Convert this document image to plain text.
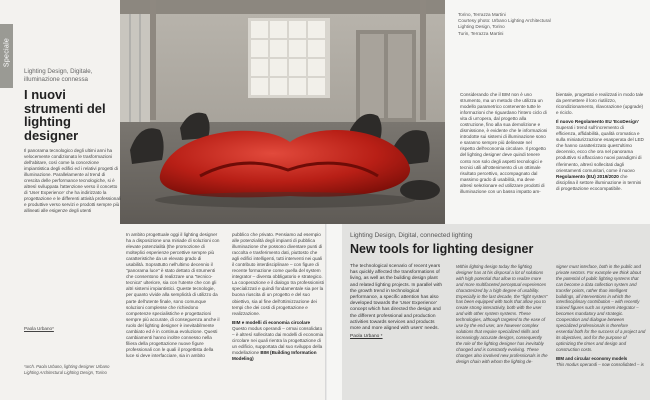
Speciale
Torino, Terrazza Martini
Courtesy photo: Urbano Lighting Architectural
Lighting Design, Torino
Turin, Terrazza Martini
Lighting Design, Digitale, illuminazione connessa
I nuovi strumenti del lighting designer
Il panorama tecnologico degli ultimi anni ha velocemente condizionato le trasformazioni dell'abitare, così come la concezione impiantistica degli edifici ed i relativi progetti di illuminazione. Parallelamente al trend di crescita delle performance tecnologiche, si è altresì sviluppata l'attenzione verso il concetto di 'User Experience' che ha indirizzato la progettazione e le differenti attività professionali e produttive verso servizi e prodotti sempre più allineati alle esigenze degli utenti
Paola Urbano*
*arch. Paola Urbano, lighting designer Urbano Lighting Architectural Lighting Design, Torino
In ambito progettuale oggi il lighting designer ha a disposizione una miriade di soluzioni con elevate potenzialità (the promozione di molteplici esperienze percettive sempre più caratteristiche da un elevato grado di usabilità. Soprattutto nell'ultimo decennio il "panorama luce" è stato dettato di strumenti che consentono di realizzare una "tecnico-tecnica" ulteriore, sia con l'utente che con gli altri sistemi impiantistici. Queste tecnologie, per quanto vivide alla semplicità di utilizzo da parte dell'utente finale, sono comunque soluzioni complesse che richiedono competenze specialistiche e progettazioni sempre più accurate, di conseguenza anche il ruolo del lighting designer è inevitabilmente cambiato ed è in continua evoluzione. Questi cambiamenti hanno inoltre connesso nella filiera della progettazione nuove figure professionali con le quali il progettista della luce si deve interfacciare, sia in ambito
pubblico che privato. Pensiamo ad esempio alle potenzialità degli impianti di pubblica illuminazione che possono diventare punti di raccolta e trasferimento dati, piuttosto che agli edifici intelligenti, tutti interventi nei quali il contributo interdisciplinare – con figure di recente formazione come quella del system integrator – diventa obbligatorio e strategico. La cooperazione e il dialogo tra professionisti specializzati e quindi fondamentale sia per la buona riuscita di un progetto e del suo obiettivo, sia al fine dell'ottimizzazione dei tempi che dei costi di progettazione e realizzazione.
BIM e modelli di economia circolare
Questo modus operandi – ormai consolidato – è altresì sollecitato dai modelli di economia circolare nei quali rientra la progettazione di un edificio, supportata dal suo sviluppo della modellazione BIM (Building Information Modeling)
Considerando che il BIM non è uno strumento, ma un metodo che utilizza un modello parametrico contenente tutte le informazioni che riguardano l'intero ciclo di vita di un'opera, dal progetto alla costruzione, fino alla sua demolizione e dismissione, è evidente che le informazioni introdotte sui sistemi di illuminazione sono e saranno sempre più delineate nel rispetto dell'economia circolare. Il progetto del lighting designer deve quindi tenere conto non solo degli aspetti tecnologici e tecnici utili all'ottenimento di un ottimale risultato percettivo, accompagnato dal massimo grado di usabilità, ma deve altresì selezionare ed utilizzare prodotti di illuminazione con un basso impatto am-
bientale, progettati e realizzati in modo tale da permettere il loro riutilizzo, ricondizionamento, rilavorazione (upgrade) e riciclo.
Il nuovo Regolamento EU 'EcoDesign'
Superati i trend sull'incremento di efficienza, affidabilità, qualità cromatica e sulla miniaturizzazione esasperata del LED che hanno caratterizzato quest'ultimo decennio, ecco che ora nel panorama produttivo si affacciano nuovi paradigmi di riferimento, altresì sollecitati dagli orientamenti comunitari, come il nuovo Regolamento (EU) 2019/2020 che disciplina il settore illuminazione in termini di progettazione ecocompatibile.
Lighting Design, Digital, connected lighting
New tools for lighting designer
The technological scenario of recent years has quickly affected the transformations of living, as well as the building design plant and related lighting projects. In parallel with the growth trend in technological performance, a specific attention has also developed towards the 'User Experience' concept which has directed the design and the different professional and production activities towards services and products more and more aligned with users' needs.
Paola Urbano *
Within lighting design today the lighting designer has at his disposal a lot of solutions with high potential that allow to realize more and more multifaceted perceptual experiences characterized by a high degree of usability. Especially in the last decade, the "light system" has been equipped with tools that allow you to create strong interactivity, both with the user and with other system systems. These technologies, although targeted to the ease of use by the end user, are however complex solutions that require specialized skills and increasingly accurate designs, consequently the role of the lighting designer has inevitably changed and is constantly evolving. These changes also involved new professionals in the design chain with whom the lighting de-
signer must interface, both in the public and private sectors. For example we think about the potential of public lighting systems that can become a data collection system and transfer points, rather than intelligent buildings, all interventions in which the interdisciplinary contribution – with recently trained figures such as system integrator – becomes mandatory and strategic. Cooperation and dialogue between specialized professionals is therefore essential both for the success of a project and its objectives, and for the purpose of optimizing the times and design and construction costs.
BIM and circular economy models
This modus operandi – now consolidated – is
